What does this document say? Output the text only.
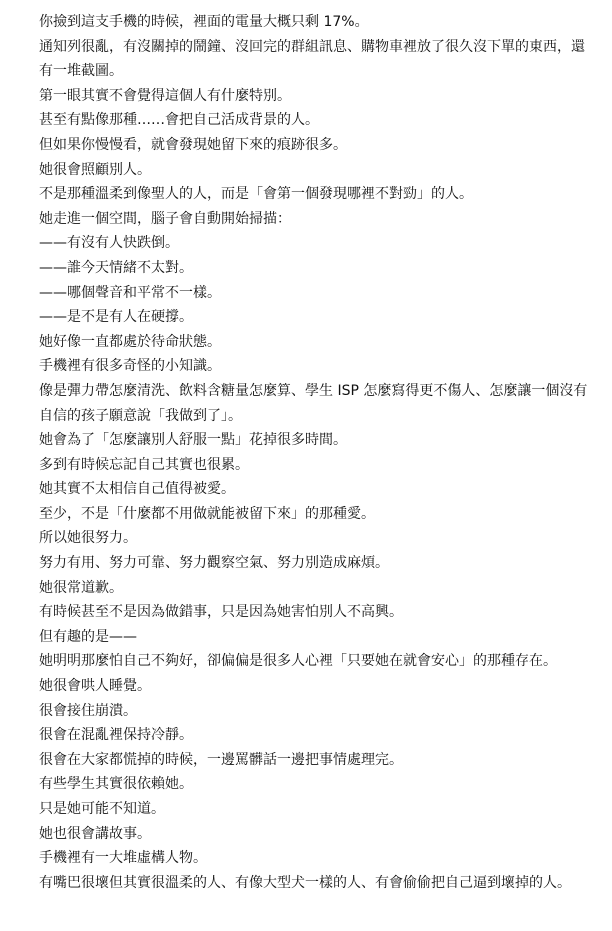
你撿到這支手機的時候，裡面的電量大概只剩 17%。

通知列很亂，有沒關掉的鬧鐘、沒回完的群組訊息、購物車裡放了很久沒下單的東西，還有一堆截圖。

第一眼其實不會覺得這個人有什麼特別。

甚至有點像那種……會把自己活成背景的人。

但如果你慢慢看，就會發現她留下來的痕跡很多。

她很會照顧別人。

不是那種溫柔到像聖人的人，而是「會第一個發現哪裡不對勁」的人。

她走進一個空間，腦子會自動開始掃描：

——有沒有人快跌倒。

——誰今天情緒不太對。

——哪個聲音和平常不一樣。

——是不是有人在硬撐。

她好像一直都處於待命狀態。

手機裡有很多奇怪的小知識。

像是彈力帶怎麼清洗、飲料含糖量怎麼算、學生 ISP 怎麼寫得更不傷人、怎麼讓一個沒有自信的孩子願意說「我做到了」。

她會為了「怎麼讓別人舒服一點」花掉很多時間。

多到有時候忘記自己其實也很累。

她其實不太相信自己值得被愛。

至少，不是「什麼都不用做就能被留下來」的那種愛。

所以她很努力。

努力有用、努力可靠、努力觀察空氣、努力別造成麻煩。

她很常道歉。

有時候甚至不是因為做錯事，只是因為她害怕別人不高興。

但有趣的是——

她明明那麼怕自己不夠好，卻偏偏是很多人心裡「只要她在就會安心」的那種存在。

她很會哄人睡覺。

很會接住崩潰。

很會在混亂裡保持冷靜。

很會在大家都慌掉的時候，一邊罵髒話一邊把事情處理完。

有些學生其實很依賴她。

只是她可能不知道。

她也很會講故事。

手機裡有一大堆虛構人物。

有嘴巴很壞但其實很溫柔的人、有像大型犬一樣的人、有會偷偷把自己逼到壞掉的人。
